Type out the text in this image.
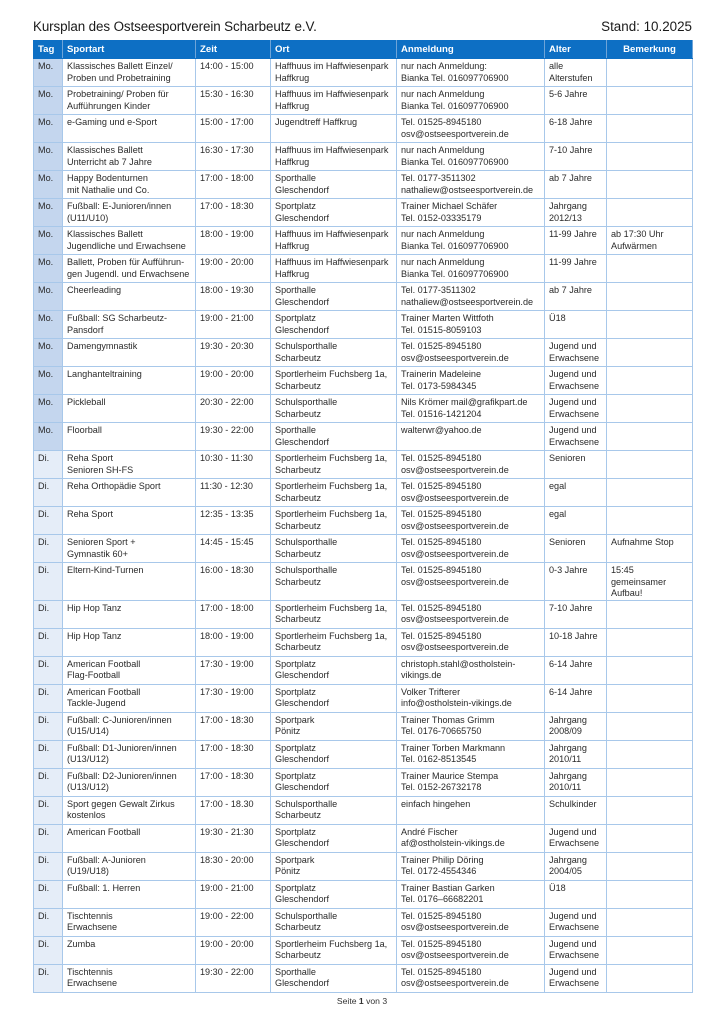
Kursplan des Ostseesportverein Scharbeutz e.V.	Stand: 10.2025
Tag	Sportart	Zeit	Ort	Anmeldung	Alter	Bemerkung
Mo.	Klassisches Ballett Einzel/
Proben und Probetraining	14:00 - 15:00	Haffhuus im Haffwiesenpark
Haffkrug	nur nach Anmeldung:
Bianka Tel. 016097706900	alle
Alterstufen	
Mo.	Probetraining/ Proben für
Aufführungen Kinder	15:30 - 16:30	Haffhuus im Haffwiesenpark
Haffkrug	nur nach Anmeldung
Bianka Tel. 016097706900	5-6 Jahre	
Mo.	e-Gaming und e-Sport	15:00 - 17:00	Jugendtreff Haffkrug	Tel. 01525-8945180
osv@ostseesportverein.de	6-18 Jahre	
Mo.	Klassisches Ballett
Unterricht ab 7 Jahre	16:30 - 17:30	Haffhuus im Haffwiesenpark
Haffkrug	nur nach Anmeldung
Bianka Tel. 016097706900	7-10 Jahre	
Mo.	Happy Bodenturnen
mit Nathalie und Co.	17:00 - 18:00	Sporthalle
Gleschendorf	Tel. 0177-3511302
nathaliew@ostseesportverein.de	ab 7 Jahre	
Mo.	Fußball: E-Junioren/innen
(U11/U10)	17:00 - 18:30	Sportplatz
Gleschendorf	Trainer Michael Schäfer
Tel. 0152-03335179	Jahrgang
2012/13	
Mo.	Klassisches Ballett
Jugendliche und Erwachsene	18:00 - 19:00	Haffhuus im Haffwiesenpark
Haffkrug	nur nach Anmeldung
Bianka Tel. 016097706900	11-99 Jahre	ab 17:30 Uhr
Aufwärmen
Mo.	Ballett, Proben für Aufführun-
gen Jugendl. und Erwachsene	19:00 - 20:00	Haffhuus im Haffwiesenpark
Haffkrug	nur nach Anmeldung
Bianka Tel. 016097706900	11-99 Jahre	
Mo.	Cheerleading	18:00 - 19:30	Sporthalle
Gleschendorf	Tel. 0177-3511302
nathaliew@ostseesportverein.de	ab 7 Jahre	
Mo.	Fußball: SG Scharbeutz-
Pansdorf	19:00 - 21:00	Sportplatz
Gleschendorf	Trainer Marten Wittfoth
Tel. 01515-8059103	Ü18	
Mo.	Damengymnastik	19:30 - 20:30	Schulsporthalle
Scharbeutz	Tel. 01525-8945180
osv@ostseesportverein.de	Jugend und
Erwachsene	
Mo.	Langhanteltraining	19:00 - 20:00	Sportlerheim Fuchsberg 1a,
Scharbeutz	Trainerin Madeleine
Tel. 0173-5984345	Jugend und
Erwachsene	
Mo.	Pickleball	20:30 - 22:00	Schulsporthalle
Scharbeutz	Nils Krömer mail@grafikpart.de
Tel. 01516-1421204	Jugend und
Erwachsene	
Mo.	Floorball	19:30 - 22:00	Sporthalle
Gleschendorf	walterwr@yahoo.de	Jugend und
Erwachsene	
Di.	Reha Sport
Senioren SH-FS	10:30 - 11:30	Sportlerheim Fuchsberg 1a,
Scharbeutz	Tel. 01525-8945180
osv@ostseesportverein.de	Senioren	
Di.	Reha Orthopädie Sport	11:30 - 12:30	Sportlerheim Fuchsberg 1a,
Scharbeutz	Tel. 01525-8945180
osv@ostseesportverein.de	egal	
Di.	Reha Sport	12:35 - 13:35	Sportlerheim Fuchsberg 1a,
Scharbeutz	Tel. 01525-8945180
osv@ostseesportverein.de	egal	
Di.	Senioren Sport +
Gymnastik 60+	14:45 - 15:45	Schulsporthalle
Scharbeutz	Tel. 01525-8945180
osv@ostseesportverein.de	Senioren	Aufnahme Stop
Di.	Eltern-Kind-Turnen	16:00 - 18:30	Schulsporthalle
Scharbeutz	Tel. 01525-8945180
osv@ostseesportverein.de	0-3 Jahre	15:45 gemeinsamer
Aufbau!
Di.	Hip Hop Tanz	17:00 - 18:00	Sportlerheim Fuchsberg 1a,
Scharbeutz	Tel. 01525-8945180
osv@ostseesportverein.de	7-10 Jahre	
Di.	Hip Hop Tanz	18:00 - 19:00	Sportlerheim Fuchsberg 1a,
Scharbeutz	Tel. 01525-8945180
osv@ostseesportverein.de	10-18 Jahre	
Di.	American Football
Flag-Football	17:30 - 19:00	Sportplatz
Gleschendorf	christoph.stahl@ostholstein-
vikings.de	6-14 Jahre	
Di.	American Football
Tackle-Jugend	17:30 - 19:00	Sportplatz
Gleschendorf	Volker Trifterer
info@ostholstein-vikings.de	6-14 Jahre	
Di.	Fußball: C-Junioren/innen
(U15/U14)	17:00 - 18:30	Sportpark
Pönitz	Trainer Thomas Grimm
Tel. 0176-70665750	Jahrgang
2008/09	
Di.	Fußball: D1-Junioren/innen
(U13/U12)	17:00 - 18:30	Sportplatz
Gleschendorf	Trainer Torben Markmann
Tel. 0162-8513545	Jahrgang
2010/11	
Di.	Fußball: D2-Junioren/innen
(U13/U12)	17:00 - 18:30	Sportplatz
Gleschendorf	Trainer Maurice Stempa
Tel. 0152-26732178	Jahrgang
2010/11	
Di.	Sport gegen Gewalt Zirkus
kostenlos	17:00 - 18.30	Schulsporthalle
Scharbeutz	einfach hingehen	Schulkinder	
Di.	American Football	19:30 - 21:30	Sportplatz
Gleschendorf	André Fischer
af@ostholstein-vikings.de	Jugend und
Erwachsene	
Di.	Fußball: A-Junioren
(U19/U18)	18:30 - 20:00	Sportpark
Pönitz	Trainer Philip Döring
Tel. 0172-4554346	Jahrgang
2004/05	
Di.	Fußball: 1. Herren	19:00 - 21:00	Sportplatz
Gleschendorf	Trainer Bastian Garken
Tel. 0176–66682201	Ü18	
Di.	Tischtennis
Erwachsene	19:00 - 22:00	Schulsporthalle
Scharbeutz	Tel. 01525-8945180
osv@ostseesportverein.de	Jugend und
Erwachsene	
Di.	Zumba	19:00 - 20:00	Sportlerheim Fuchsberg 1a,
Scharbeutz	Tel. 01525-8945180
osv@ostseesportverein.de	Jugend und
Erwachsene	
Di.	Tischtennis
Erwachsene	19:30 - 22:00	Sporthalle
Gleschendorf	Tel. 01525-8945180
osv@ostseesportverein.de	Jugend und
Erwachsene	
Seite 1 von 3
